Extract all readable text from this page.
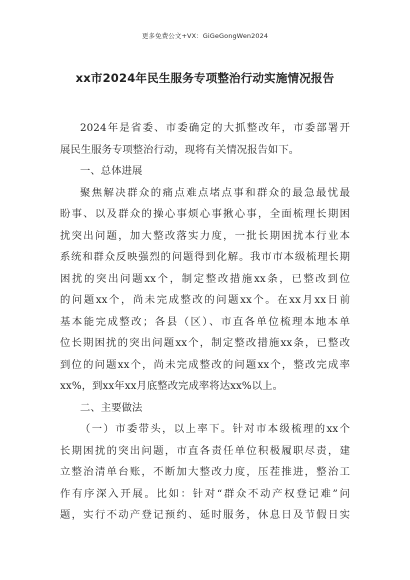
更多免费公文+VX：GiGeGongWen2024
xx市2024年民生服务专项整治行动实施情况报告
2024年是省委、市委确定的大抓整改年，市委部署开
展民生服务专项整治行动，现将有关情况报告如下。
一、总体进展
聚焦解决群众的痛点难点堵点事和群众的最急最忧最
盼事、以及群众的操心事烦心事揪心事，全面梳理长期困
扰突出问题，加大整改落实力度，一批长期困扰本行业本
系统和群众反映强烈的问题得到化解。我市市本级梳理长期
困扰的突出问题xx个，制定整改措施xx条，已整改到位
的问题xx个，尚未完成整改的问题xx个。在xx月xx日前
基本能完成整改；各县（区）、市直各单位梳理本地本单
位长期困扰的突出问题xx个，制定整改措施xx条，已整改
到位的问题xx个，尚未完成整改的问题xx个，整改完成率
xx%，到xx年xx月底整改完成率将达xx%以上。
二、主要做法
（一）市委带头，以上率下。针对市本级梳理的xx个
长期困扰的突出问题，市直各责任单位积极履职尽责，建
立整治清单台账，不断加大整改力度，压茬推进，整治工
作有序深入开展。比如：针对“群众不动产权登记难”问
题，实行不动产登记预约、延时服务，休息日及节假日实
